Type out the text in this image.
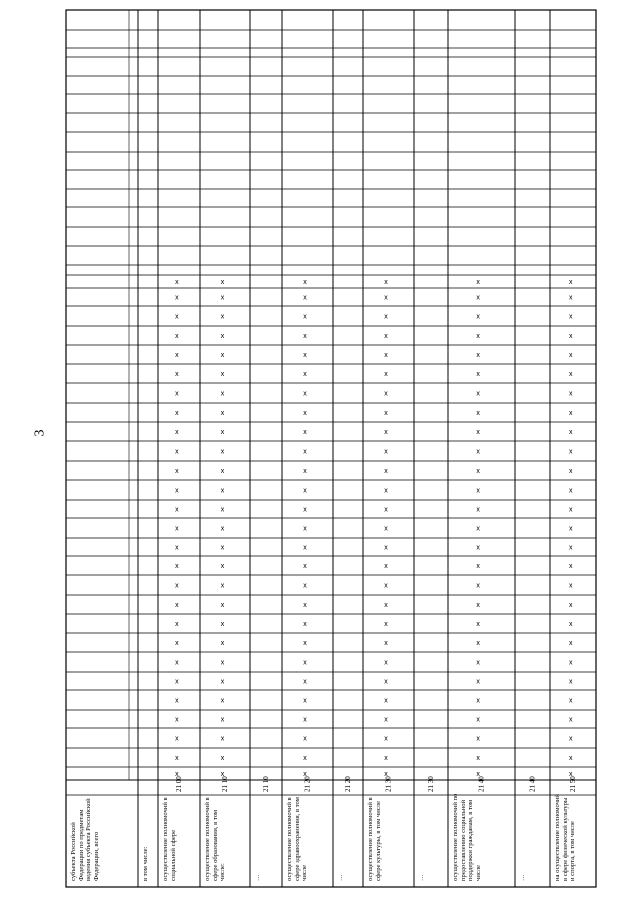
3
субъекта Российской Федерации по предметам ведения субъекта Российской Федерации, всего	в том числе: осуществление полномочий в социальной сфере
21 00
x
x
x
x
x
x
x
x
x
x
x
x
x
x
x
x
x
x
x
x
x
x
x
x
x
x
x
осуществление полномочий в сфере образования, в том числе:
21 10
x
x
x
x
x
x
x
x
x
x
x
x
x
x
x
x
x
x
x
x
x
x
x
x
x
x
x
…
21 10
осуществление полномочий в сфере здравоохранения, в том числе
21 20
x
x
x
x
x
x
x
x
x
x
x
x
x
x
x
x
x
x
x
x
x
x
x
x
x
x
x
…
21 20
осуществление полномочий в сфере культуры, в том числе
21 30
x
x
x
x
x
x
x
x
x
x
x
x
x
x
x
x
x
x
x
x
x
x
x
x
x
x
x
…
21 30
осуществление полномочий по предоставлению социальной поддержки гражданам, в том числе
21 40
x
x
x
x
x
x
x
x
x
x
x
x
x
x
x
x
x
x
x
x
x
x
x
x
x
x
x
…
21 40
на осуществление полномочий в сфере физической культуры и спорта, в том числе
21 50
x
x
x
x
x
x
x
x
x
x
x
x
x
x
x
x
x
x
x
x
x
x
x
x
x
x
x
